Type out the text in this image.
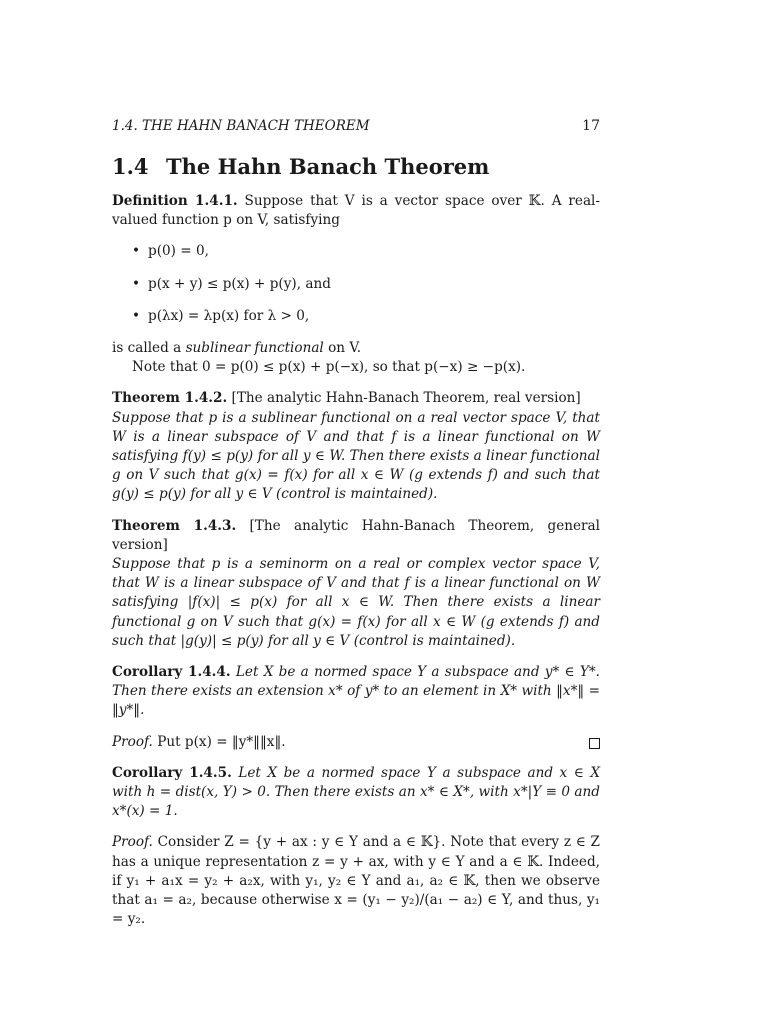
1.4. THE HAHN BANACH THEOREM	17
1.4 The Hahn Banach Theorem

Definition 1.4.1. Suppose that V is a vector space over 𝕂. A real-valued function p on V, satisfying

• p(0) = 0,
• p(x + y) ≤ p(x) + p(y), and
• p(λx) = λp(x) for λ > 0,

is called a sublinear functional on V.

Note that 0 = p(0) ≤ p(x) + p(−x), so that p(−x) ≥ −p(x).

Theorem 1.4.2. [The analytic Hahn-Banach Theorem, real version]
Suppose that p is a sublinear functional on a real vector space V, that W is a linear subspace of V and that f is a linear functional on W satisfying f(y) ≤ p(y) for all y ∈ W. Then there exists a linear functional g on V such that g(x) = f(x) for all x ∈ W (g extends f) and such that g(y) ≤ p(y) for all y ∈ V (control is maintained).

Theorem 1.4.3. [The analytic Hahn-Banach Theorem, general version]
Suppose that p is a seminorm on a real or complex vector space V, that W is a linear subspace of V and that f is a linear functional on W satisfying |f(x)| ≤ p(x) for all x ∈ W. Then there exists a linear functional g on V such that g(x) = f(x) for all x ∈ W (g extends f) and such that |g(y)| ≤ p(y) for all y ∈ V (control is maintained).

Corollary 1.4.4. Let X be a normed space Y a subspace and y* ∈ Y*. Then there exists an extension x* of y* to an element in X* with ‖x*‖ = ‖y*‖.

Proof. Put p(x) = ‖y*‖‖x‖.

Corollary 1.4.5. Let X be a normed space Y a subspace and x ∈ X with h = dist(x, Y) > 0. Then there exists an x* ∈ X*, with x*|Y ≡ 0 and x*(x) = 1.

Proof. Consider Z = {y + ax : y ∈ Y and a ∈ 𝕂}. Note that every z ∈ Z has a unique representation z = y + ax, with y ∈ Y and a ∈ 𝕂. Indeed, if y₁ + a₁x = y₂ + a₂x, with y₁, y₂ ∈ Y and a₁, a₂ ∈ 𝕂, then we observe that a₁ = a₂, because otherwise x = (y₁ − y₂)/(a₁ − a₂) ∈ Y, and thus, y₁ = y₂.
